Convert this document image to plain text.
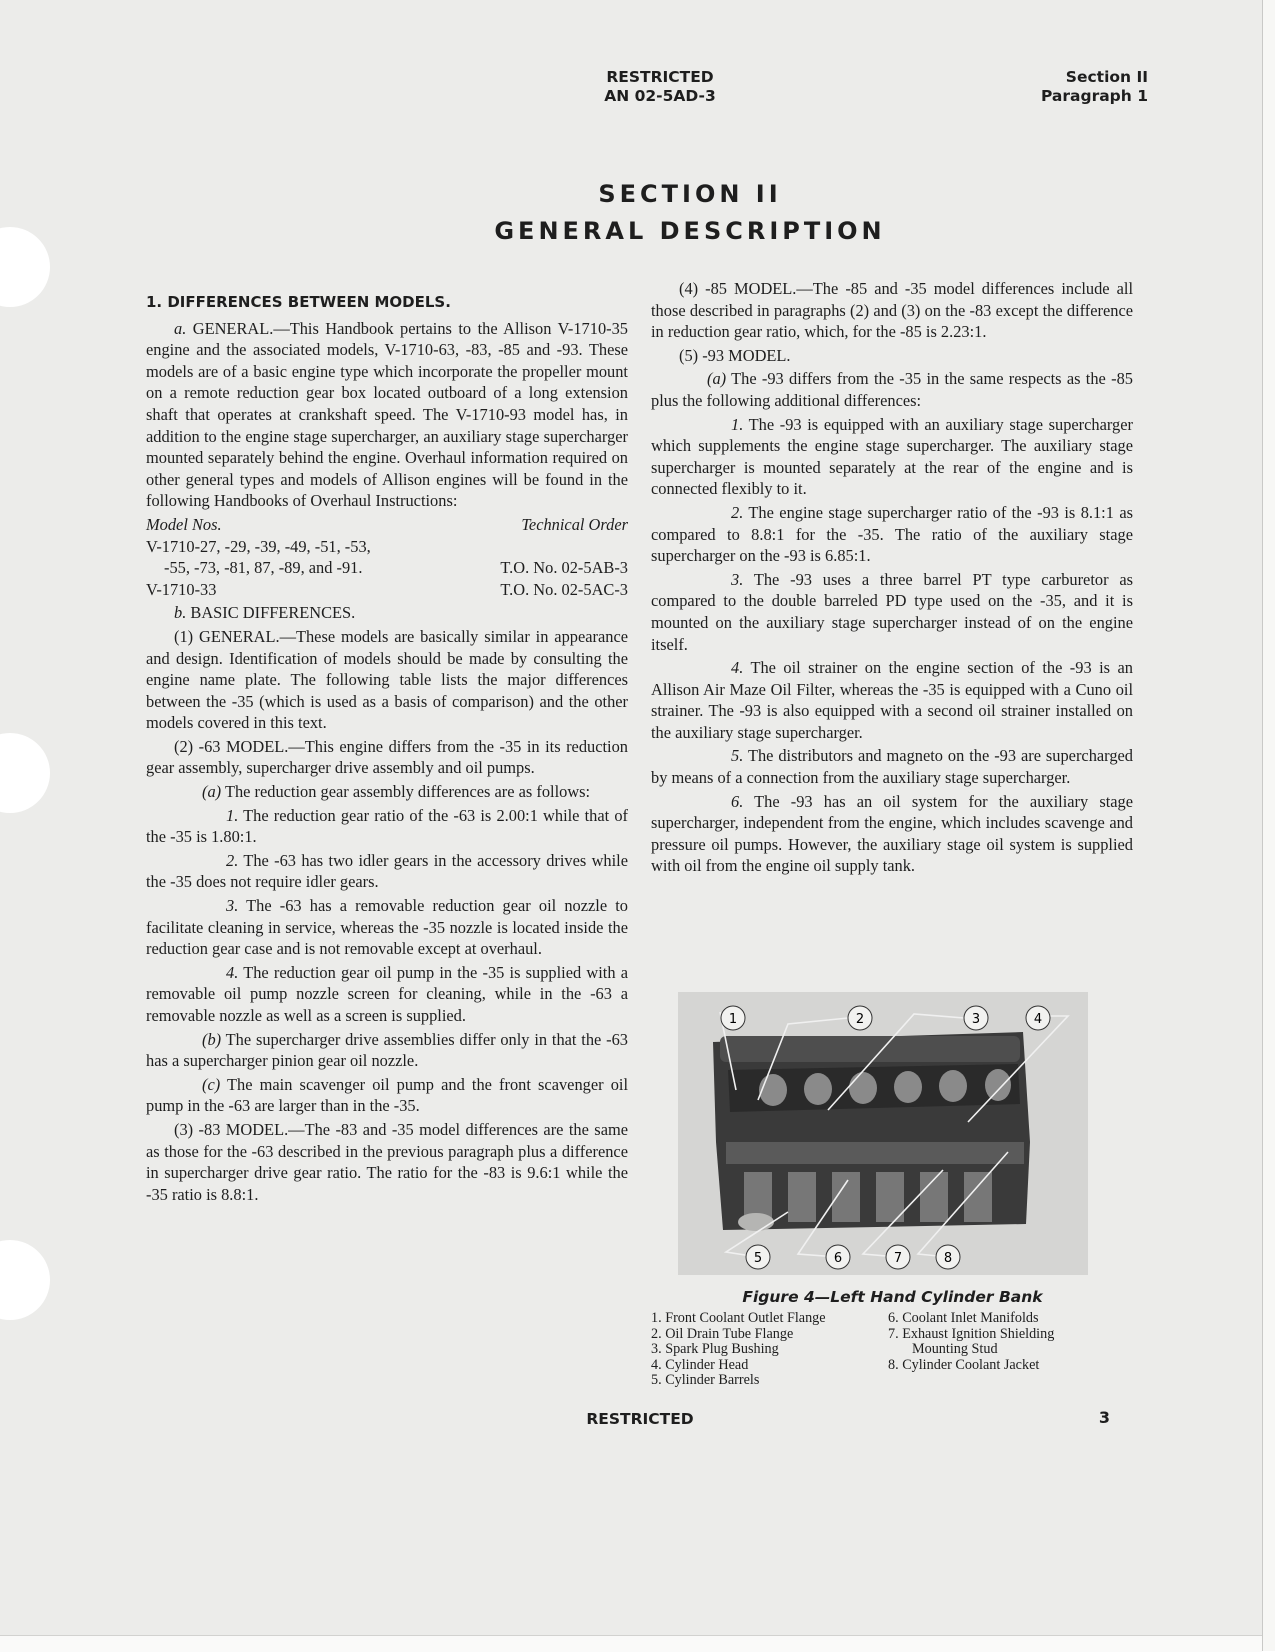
RESTRICTED
AN 02-5AD-3
Section II
Paragraph 1
SECTION II
GENERAL DESCRIPTION

1. DIFFERENCES BETWEEN MODELS.

a. GENERAL.—This Handbook pertains to the Allison V-1710-35 engine and the associated models, V-1710-63, -83, -85 and -93. These models are of a basic engine type which incorporate the propeller mount on a remote reduction gear box located outboard of a long extension shaft that operates at crankshaft speed. The V-1710-93 model has, in addition to the engine stage supercharger, an auxiliary stage supercharger mounted separately behind the engine. Overhaul information required on other general types and models of Allison engines will be found in the following Handbooks of Overhaul Instructions:

Model Nos.	Technical Order
V-1710-27, -29, -39, -49, -51, -53,
-55, -73, -81, 87, -89, and -91.	T.O. No. 02-5AB-3
V-1710-33	T.O. No. 02-5AC-3

b. BASIC DIFFERENCES.

(1) GENERAL.—These models are basically similar in appearance and design. Identification of models should be made by consulting the engine name plate. The following table lists the major differences between the -35 (which is used as a basis of comparison) and the other models covered in this text.

(2) -63 MODEL.—This engine differs from the -35 in its reduction gear assembly, supercharger drive assembly and oil pumps.

(a) The reduction gear assembly differences are as follows:

1. The reduction gear ratio of the -63 is 2.00:1 while that of the -35 is 1.80:1.

2. The -63 has two idler gears in the accessory drives while the -35 does not require idler gears.

3. The -63 has a removable reduction gear oil nozzle to facilitate cleaning in service, whereas the -35 nozzle is located inside the reduction gear case and is not removable except at overhaul.

4. The reduction gear oil pump in the -35 is supplied with a removable oil pump nozzle screen for cleaning, while in the -63 a removable nozzle as well as a screen is supplied.

(b) The supercharger drive assemblies differ only in that the -63 has a supercharger pinion gear oil nozzle.

(c) The main scavenger oil pump and the front scavenger oil pump in the -63 are larger than in the -35.

(3) -83 MODEL.—The -83 and -35 model differences are the same as those for the -63 described in the previous paragraph plus a difference in supercharger drive gear ratio. The ratio for the -83 is 9.6:1 while the -35 ratio is 8.8:1.

(4) -85 MODEL.—The -85 and -35 model differences include all those described in paragraphs (2) and (3) on the -83 except the difference in reduction gear ratio, which, for the -85 is 2.23:1.

(5) -93 MODEL.

(a) The -93 differs from the -35 in the same respects as the -85 plus the following additional differences:

1. The -93 is equipped with an auxiliary stage supercharger which supplements the engine stage supercharger. The auxiliary stage supercharger is mounted separately at the rear of the engine and is connected flexibly to it.

2. The engine stage supercharger ratio of the -93 is 8.1:1 as compared to 8.8:1 for the -35. The ratio of the auxiliary stage supercharger on the -93 is 6.85:1.

3. The -93 uses a three barrel PT type carburetor as compared to the double barreled PD type used on the -35, and it is mounted on the auxiliary stage supercharger instead of on the engine itself.

4. The oil strainer on the engine section of the -93 is an Allison Air Maze Oil Filter, whereas the -35 is equipped with a Cuno oil strainer. The -93 is also equipped with a second oil strainer installed on the auxiliary stage supercharger.

5. The distributors and magneto on the -93 are supercharged by means of a connection from the auxiliary stage supercharger.

6. The -93 has an oil system for the auxiliary stage supercharger, independent from the engine, which includes scavenge and pressure oil pumps. However, the auxiliary stage oil system is supplied with oil from the engine oil supply tank.

1	2	3	4
5	6	7	8
Figure 4—Left Hand Cylinder Bank
1. Front Coolant Outlet Flange	6. Coolant Inlet Manifolds
2. Oil Drain Tube Flange	7. Exhaust Ignition Shielding
3. Spark Plug Bushing	Mounting Stud
4. Cylinder Head	8. Cylinder Coolant Jacket
5. Cylinder Barrels
RESTRICTED	3
